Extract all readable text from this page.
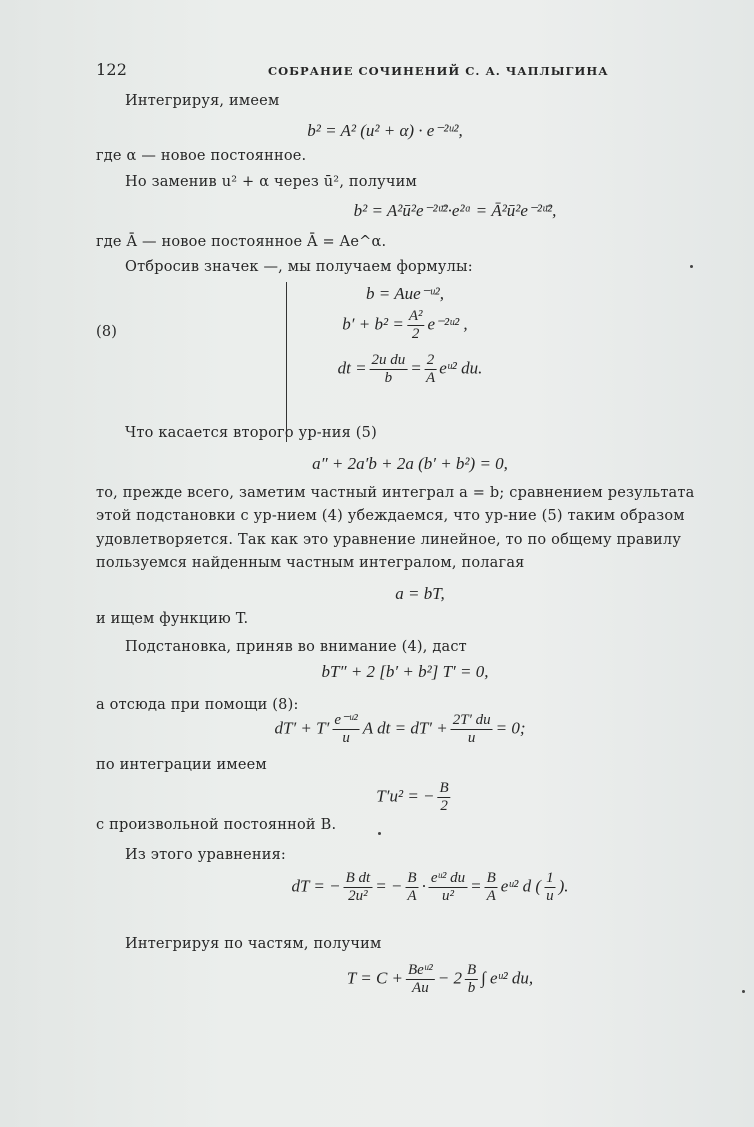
122	СОБРАНИЕ СОЧИНЕНИЙ С. А. ЧАПЛЫГИНА
Интегрируя, имеем
b² = A² (u² + α) · e⁻²ᵘ²,
где α — новое постоянное.
Но заменив u² + α через ū², получим
b² = A²ū²e⁻²ᵘ̄²·e²ᵅ = Ā²ū²e⁻²ᵘ̄²,
где Ā — новое постоянное Ā = Ae^α.
Отбросив значек —, мы получаем формулы:
(8)
b = Aue⁻ᵘ²,
$b' + b^2 = \frac{\text{A²}}{2}$ e⁻²ᵘ² ,
dt = $\frac{\text{2u du}}{b} = \frac{2}{A}$ eᵘ² du.
Что касается второго ур-ния (5)
a″ + 2a′b + 2a (b′ + b²) = 0,
то, прежде всего, заметим частный интеграл a = b; сравнением результата
этой подстановки с ур-нием (4) убеждаемся, что ур-ние (5) таким образом
удовлетворяется. Так как это уравнение линейное, то по общему правилу
пользуемся найденным частным интегралом, полагая
a = bT,
и ищем функцию T.
Подстановка, приняв во внимание (4), даст
bT″ + 2 [b′ + b²] T′ = 0,
а отсюда при помощи (8):
$dT' + T' \frac{\text{e⁻ᵘ²}}{u}$ A dt = $dT' + \frac{2T' du}{u} = 0$;
по интеграции имеем
T′u² = − $\frac{B}{2}$
с произвольной постоянной B.
Из этого уравнения:
dT = − $\frac{\text{B dt}}{\text{2u²}}$ = − $\frac{B}{A} \cdot \frac{\text{eᵘ² du}}{\text{u²}} = \frac{B}{A}$ eᵘ² d ( $\frac{1}{u}$ ).
Интегрируя по частям, получим
$T = C + \frac{\text{Beᵘ²}}{Au} - 2 \frac{B}{b}$ ∫ eᵘ² du,
